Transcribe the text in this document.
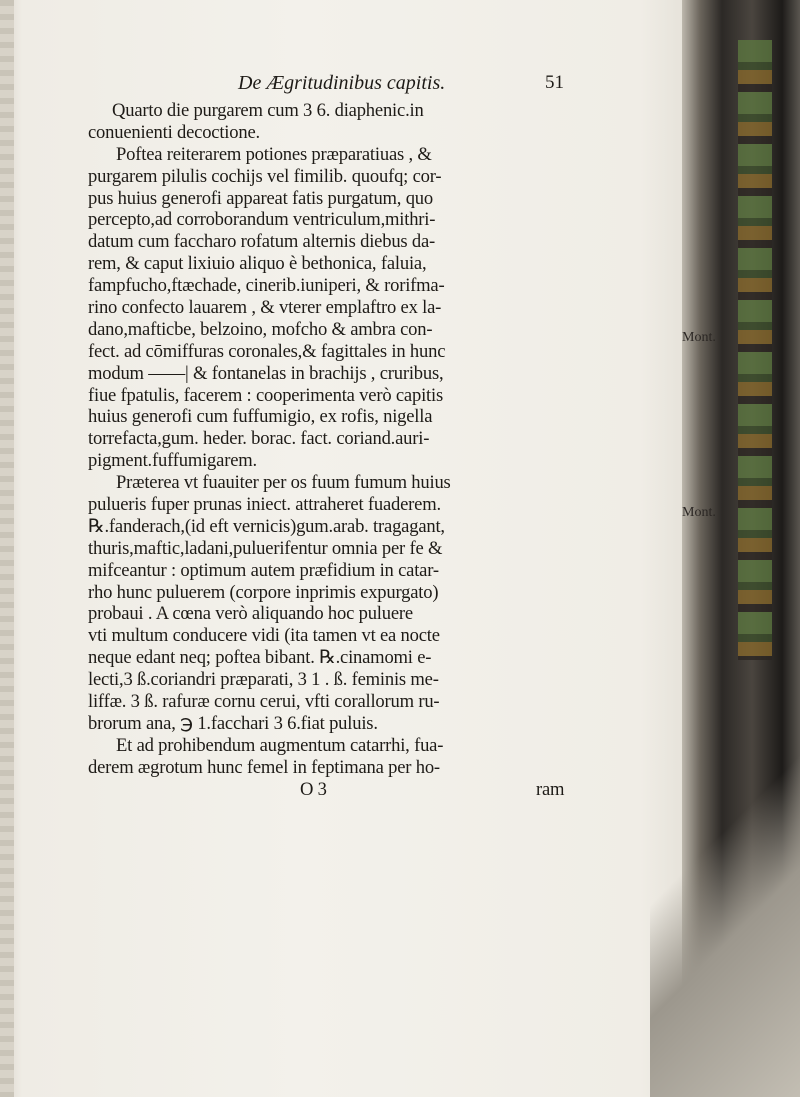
De Ægritudinibus capitis.	51
Quarto die purgarem cum 3 6. diaphenic.in
conuenienti decoctione.
Poftea reiterarem potiones præparatiuas , &
purgarem pilulis cochijs vel fimilib. quoufq; cor-
pus huius generofi appareat fatis purgatum, quo
percepto,ad corroborandum ventriculum,mithri-
datum cum faccharo rofatum alternis diebus da-
rem, & caput lixiuio aliquo è bethonica, faluia,
fampfucho,ftæchade, cinerib.iuniperi, & rorifma-
rino confecto lauarem , & vterer emplaftro ex la-
dano,mafticbe, belzoino, mofcho & ambra con-
fect. ad cōmiffuras coronales,& fagittales in hunc
modum ——| & fontanelas in brachijs , cruribus,
fiue fpatulis, facerem : cooperimenta verò capitis
huius generofi cum fuffumigio, ex rofis, nigella
torrefacta,gum. heder. borac. fact. coriand.auri-
pigment.fuffumigarem.
Præterea vt fuauiter per os fuum fumum huius
pulueris fuper prunas iniect. attraheret fuaderem.
℞.fanderach,(id eft vernicis)gum.arab. tragagant,
thuris,maftic,ladani,puluerifentur omnia per fe &
mifceantur : optimum autem præfidium in catar-
rho hunc puluerem (corpore inprimis expurgato)
probaui . A cœna verò aliquando hoc puluere
vti multum conducere vidi (ita tamen vt ea nocte
neque edant neq; poftea bibant. ℞.cinamomi e-
lecti,3 ß.coriandri præparati, 3 1 . ß. feminis me-
liffæ. 3 ß. rafuræ cornu cerui, vfti corallorum ru-
brorum ana, ℈ 1.facchari 3 6.fiat puluis.
Et ad prohibendum augmentum catarrhi, fua-
derem ægrotum hunc femel in feptimana per ho-
O 3	ram
Mont.
Mont.
